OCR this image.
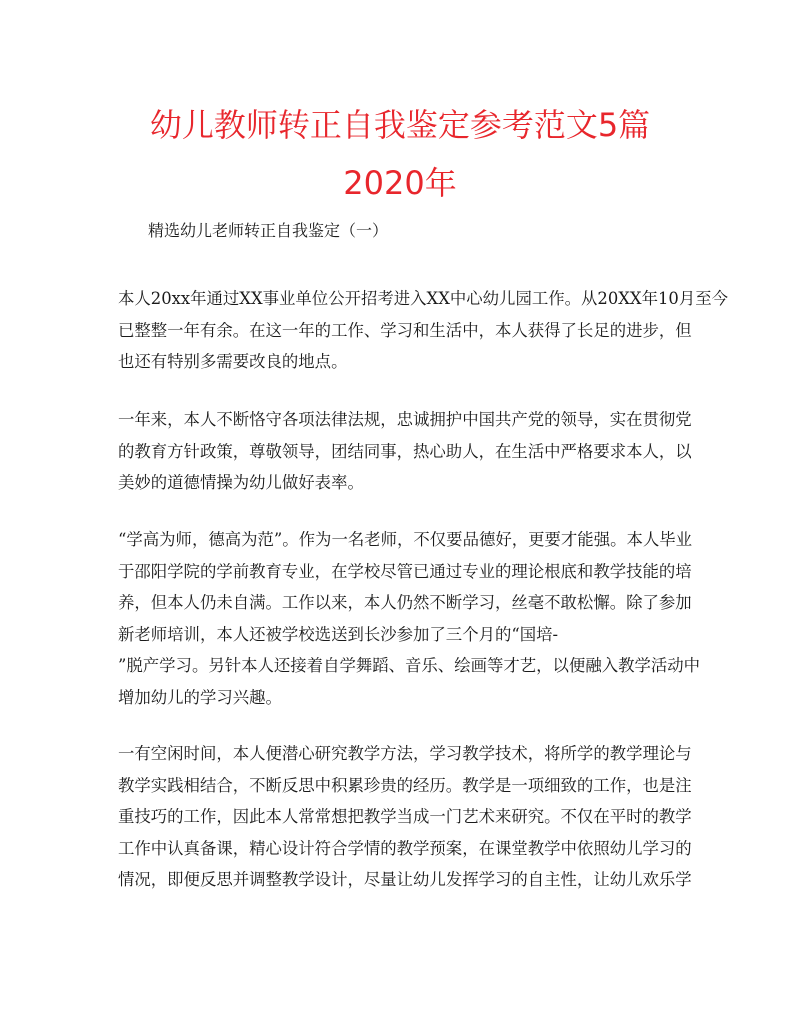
幼儿教师转正自我鉴定参考范文5篇2020年

精选幼儿老师转正自我鉴定（一）

本人20xx年通过XX事业单位公开招考进入XX中心幼儿园工作。从20XX年10月至今
已整整一年有余。在这一年的工作、学习和生活中，本人获得了长足的进步，但
也还有特别多需要改良的地点。
一年来，本人不断恪守各项法律法规，忠诚拥护中国共产党的领导，实在贯彻党
的教育方针政策，尊敬领导，团结同事，热心助人，在生活中严格要求本人，以
美妙的道德情操为幼儿做好表率。
“学高为师，德高为范”。作为一名老师，不仅要品德好，更要才能强。本人毕业
于邵阳学院的学前教育专业，在学校尽管已通过专业的理论根底和教学技能的培
养，但本人仍未自满。工作以来，本人仍然不断学习，丝毫不敢松懈。除了参加
新老师培训，本人还被学校选送到长沙参加了三个月的“国培-
”脱产学习。另针本人还接着自学舞蹈、音乐、绘画等才艺，以便融入教学活动中
增加幼儿的学习兴趣。
一有空闲时间，本人便潜心研究教学方法，学习教学技术，将所学的教学理论与
教学实践相结合，不断反思中积累珍贵的经历。教学是一项细致的工作，也是注
重技巧的工作，因此本人常常想把教学当成一门艺术来研究。不仅在平时的教学
工作中认真备课，精心设计符合学情的教学预案，在课堂教学中依照幼儿学习的
情况，即便反思并调整教学设计，尽量让幼儿发挥学习的自主性，让幼儿欢乐学
